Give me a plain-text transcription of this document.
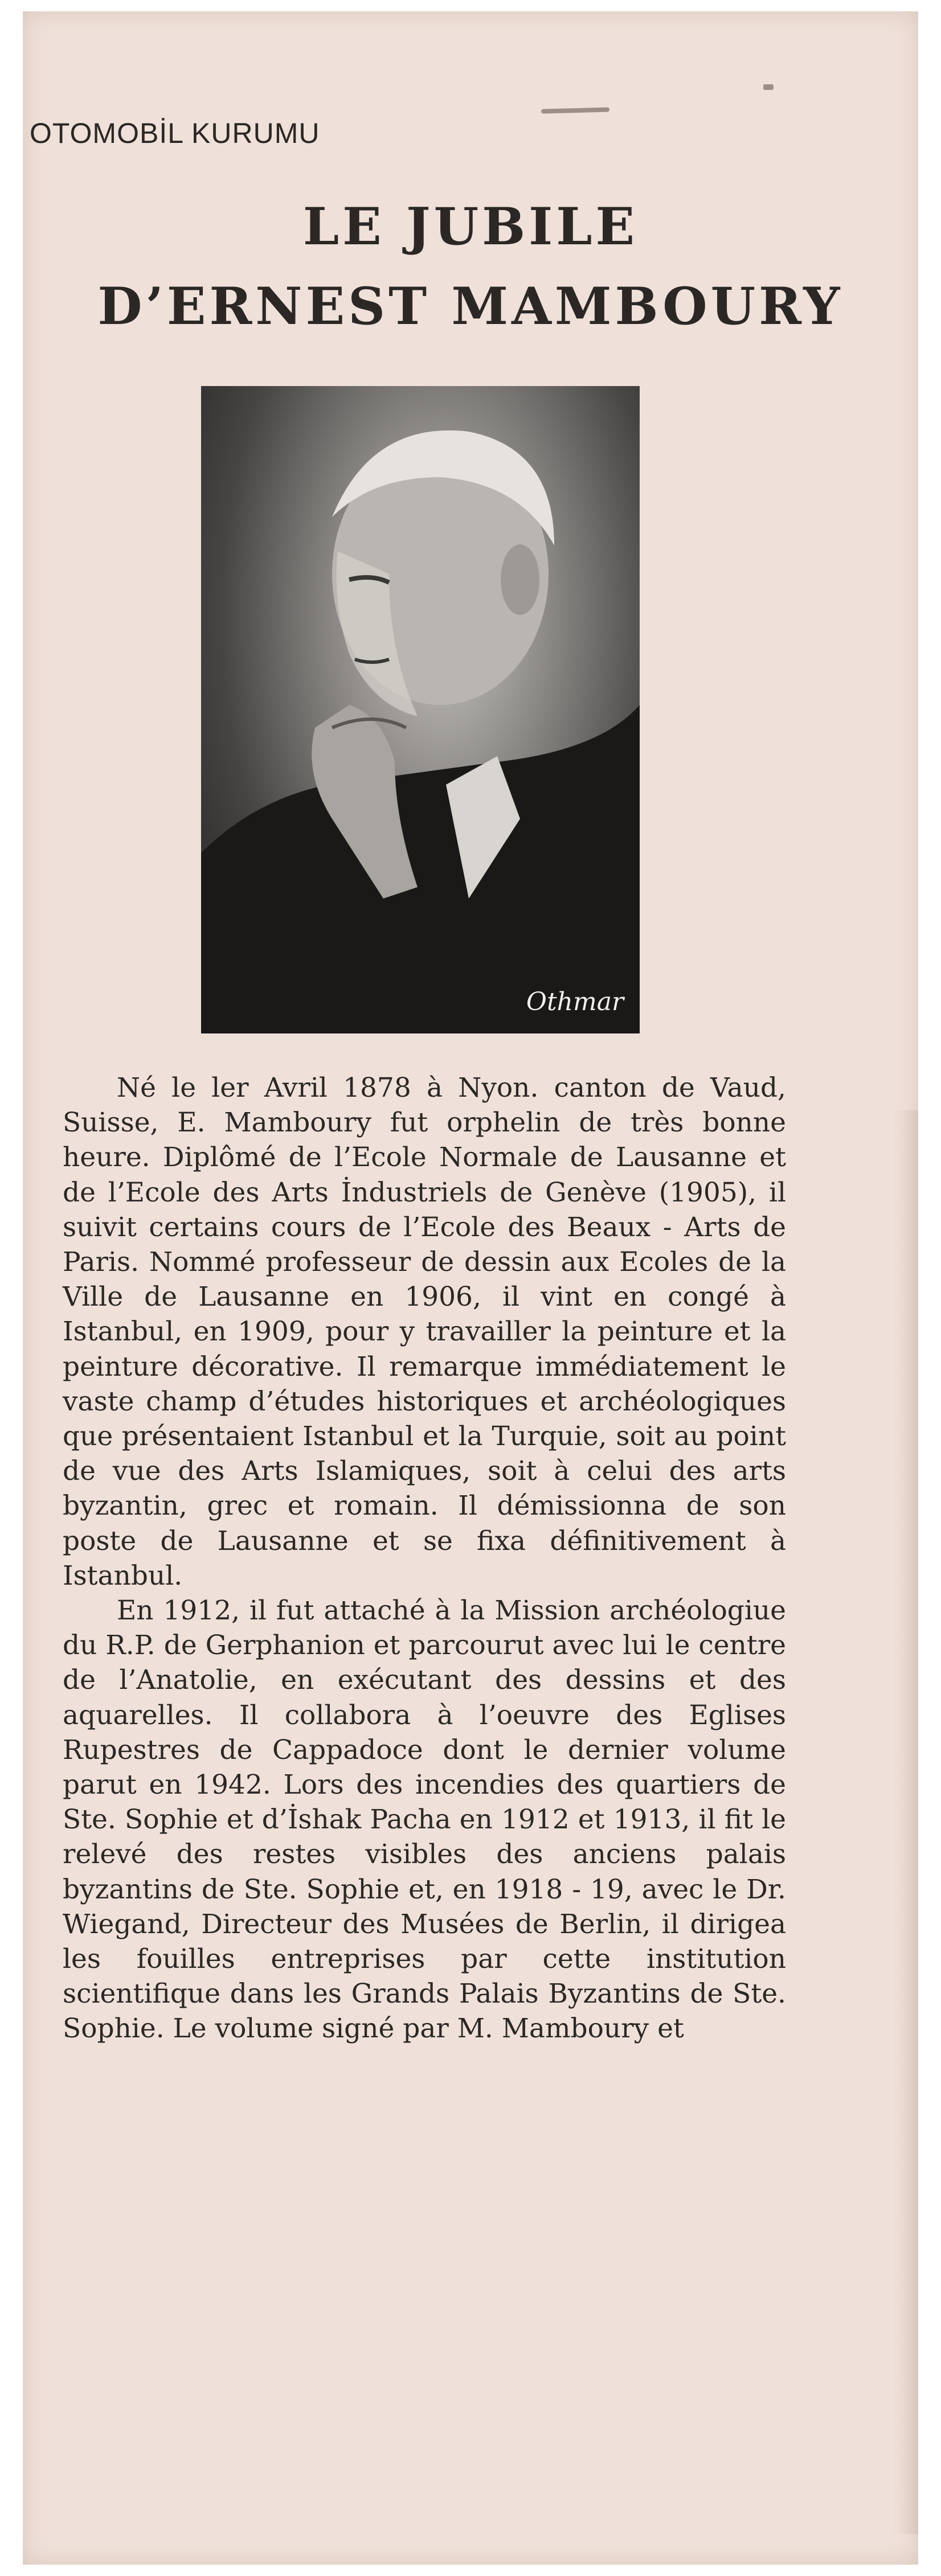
OTOMOBİL KURUMU
LE JUBILE
D’ERNEST MAMBOURY
Othmar

Né le ler Avril 1878 à Nyon. canton de Vaud, Suisse, E. Mamboury fut orphelin de très bonne heure. Diplômé de l’Ecole Normale de Lausanne et de l’Ecole des Arts İndustriels de Genève (1905), il suivit certains cours de l’Ecole des Beaux - Arts de Paris. Nommé professeur de dessin aux Ecoles de la Ville de Lausanne en 1906, il vint en congé à Istanbul, en 1909, pour y travailler la peinture et la peinture décorative. Il remarque immédiatement le vaste champ d’études historiques et archéologiques que présentaient Istanbul et la Turquie, soit au point de vue des Arts Islamiques, soit à celui des arts byzantin, grec et romain. Il démissionna de son poste de Lausanne et se fixa définitivement à Istanbul.

En 1912, il fut attaché à la Mission archéologiue du R.P. de Gerphanion et parcourut avec lui le centre de l’Anatolie, en exécutant des dessins et des aquarelles. Il collabora à l’oeuvre des Eglises Rupestres de Cappadoce dont le dernier volume parut en 1942. Lors des incendies des quartiers de Ste. Sophie et d’İshak Pacha en 1912 et 1913, il fit le relevé des restes visibles des anciens palais byzantins de Ste. Sophie et, en 1918 - 19, avec le Dr. Wiegand, Directeur des Musées de Berlin, il dirigea les fouilles entreprises par cette institution scientifique dans les Grands Palais Byzantins de Ste. Sophie. Le volume signé par M. Mamboury et
